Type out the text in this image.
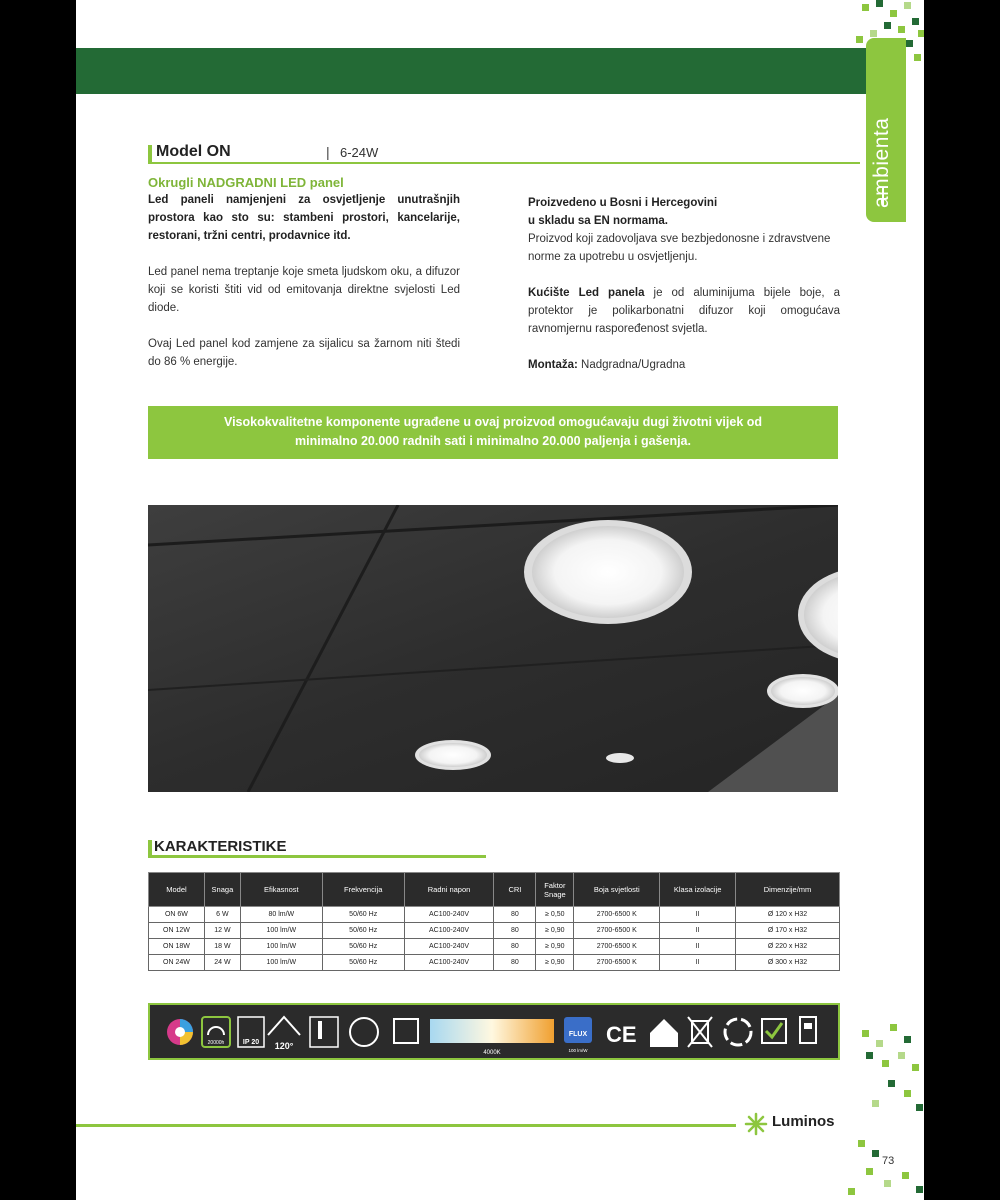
ambienta
Model ON	| 6-24W
Okrugli NADGRADNI LED panel

Led paneli namjenjeni za osvjetljenje unutrašnjih prostora kao sto su: stambeni prostori, kancelarije, restorani, tržni centri, prodavnice itd.

Led panel nema treptanje koje smeta ljudskom oku, a difuzor koji se koristi štiti vid od emitovanja direktne svjelosti Led diode.

Ovaj Led panel kod zamjene za sijalicu sa žarnom niti štedi do 86 % energije.

Proizvedeno u Bosni i Hercegovini
u skladu sa EN normama.

Proizvod koji zadovoljava sve bezbjedonosne i zdravstvene norme za upotrebu u osvjetljenju.

Kućište Led panela je od aluminijuma bijele boje, a protektor je polikarbonatni difuzor koji omogućava ravnomjernu raspoređenost svjetla.

Montaža: Nadgradna/Ugradna

Visokokvalitetne komponente ugrađene u ovaj proizvod omogućavaju dugi životni vijek od
minimalno 20.000 radnih sati i minimalno 20.000 paljenja i gašenja.
KARAKTERISTIKE
Model	Snaga	Efikasnost	Frekvencija	Radni napon	CRI	Faktor Snage	Boja svjetlosti	Klasa izolacije	Dimenzije/mm
ON 6W	6 W	80 lm/W	50/60 Hz	AC100-240V	80	≥ 0,50	2700-6500 K	II	Ø 120 x H32
ON 12W	12 W	100 lm/W	50/60 Hz	AC100-240V	80	≥ 0,90	2700-6500 K	II	Ø 170 x H32
ON 18W	18 W	100 lm/W	50/60 Hz	AC100-240V	80	≥ 0,90	2700-6500 K	II	Ø 220 x H32
ON 24W	24 W	100 lm/W	50/60 Hz	AC100-240V	80	≥ 0,90	2700-6500 K	II	Ø 300 x H32
20000h	IP 20 120°
4000K
FLUX
100 lm/W
CE
Luminos
73
